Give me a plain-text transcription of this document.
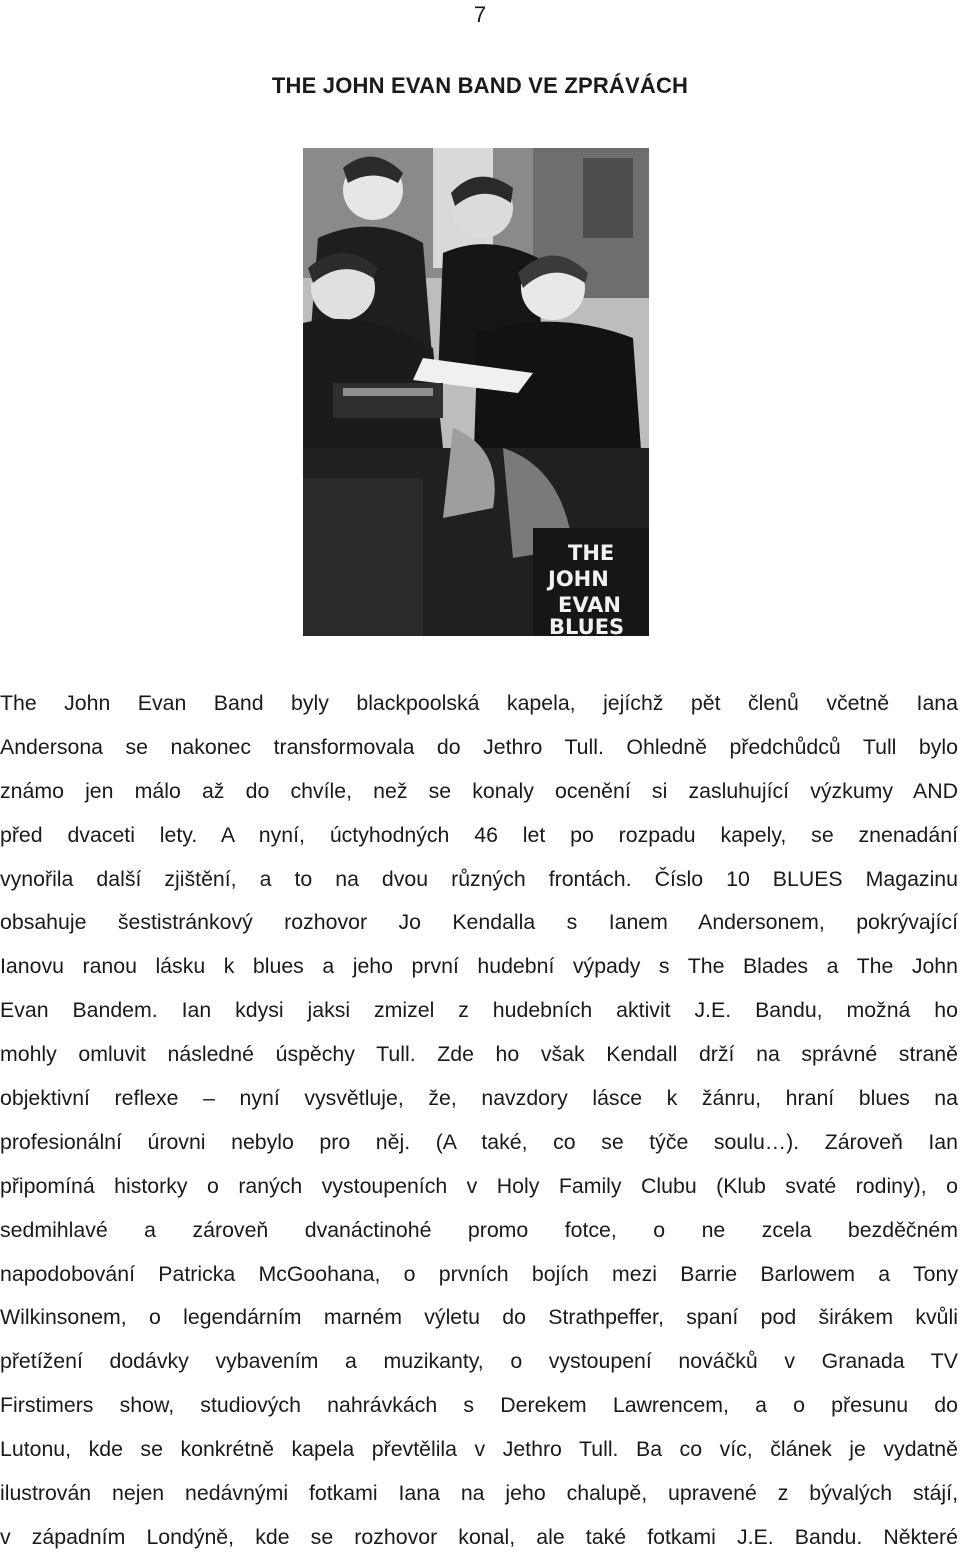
7
THE JOHN EVAN BAND VE ZPRÁVÁCH
THE
JOHN
EVAN
BLUES
The John Evan Band byly blackpoolská kapela, jejíchž pět členů včetně Iana
Andersona se nakonec transformovala do Jethro Tull. Ohledně předchůdců Tull bylo
známo jen málo až do chvíle, než se konaly ocenění si zasluhující výzkumy AND
před dvaceti lety. A nyní, úctyhodných 46 let po rozpadu kapely, se znenadání
vynořila další zjištění, a to na dvou různých frontách. Číslo 10 BLUES Magazinu
obsahuje šestistránkový rozhovor Jo Kendalla s Ianem Andersonem, pokrývající
Ianovu ranou lásku k blues a jeho první hudební výpady s The Blades a The John
Evan Bandem. Ian kdysi jaksi zmizel z hudebních aktivit J.E. Bandu, možná ho
mohly omluvit následné úspěchy Tull. Zde ho však Kendall drží na správné straně
objektivní reflexe – nyní vysvětluje, že, navzdory lásce k žánru, hraní blues na
profesionální úrovni nebylo pro něj. (A také, co se týče soulu…). Zároveň Ian
připomíná historky o raných vystoupeních v Holy Family Clubu (Klub svaté rodiny), o
sedmihlavé a zároveň dvanáctinohé promo fotce, o ne zcela bezděčném
napodobování Patricka McGoohana, o prvních bojích mezi Barrie Barlowem a Tony
Wilkinsonem, o legendárním marném výletu do Strathpeffer, spaní pod širákem kvůli
přetížení dodávky vybavením a muzikanty, o vystoupení nováčků v Granada TV
Firstimers show, studiových nahrávkách s Derekem Lawrencem, a o přesunu do
Lutonu, kde se konkrétně kapela převtělila v Jethro Tull. Ba co víc, článek je vydatně
ilustrován nejen nedávnými fotkami Iana na jeho chalupě, upravené z bývalých stájí,
v západním Londýně, kde se rozhovor konal, ale také fotkami J.E. Bandu. Některé
